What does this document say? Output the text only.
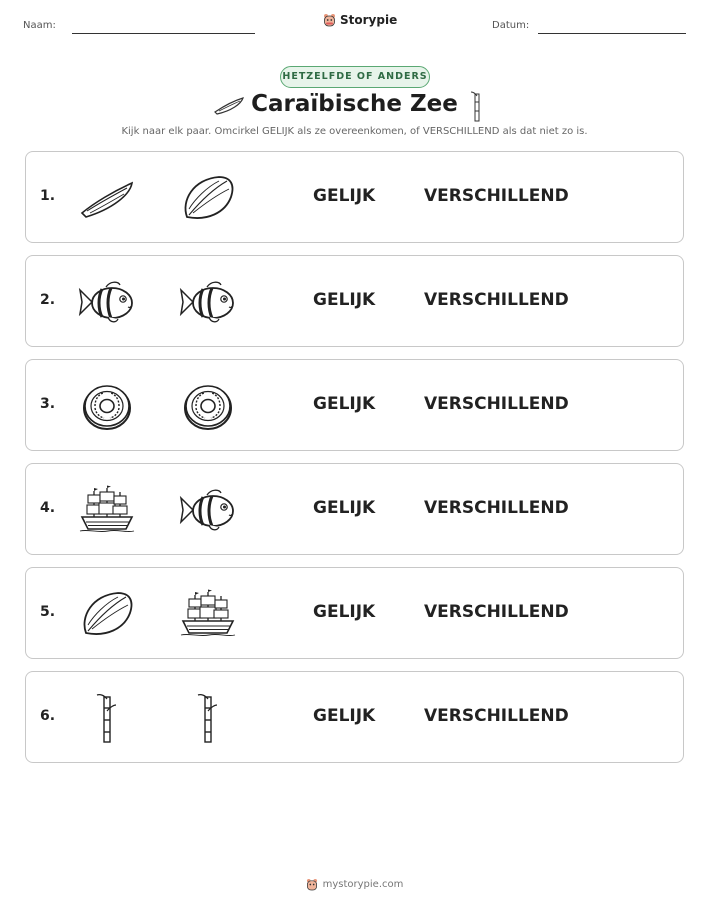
Naam:	Storypie	Datum:
HETZELFDE OF ANDERS
Caraïbische Zee
Kijk naar elk paar. Omcirkel GELIJK als ze overeenkomen, of VERSCHILLEND als dat niet zo is.
1.	GELIJK	VERSCHILLEND
2.	GELIJK	VERSCHILLEND
3.	GELIJK	VERSCHILLEND
4.	GELIJK	VERSCHILLEND
5.	GELIJK	VERSCHILLEND
6.	GELIJK	VERSCHILLEND
mystorypie.com
